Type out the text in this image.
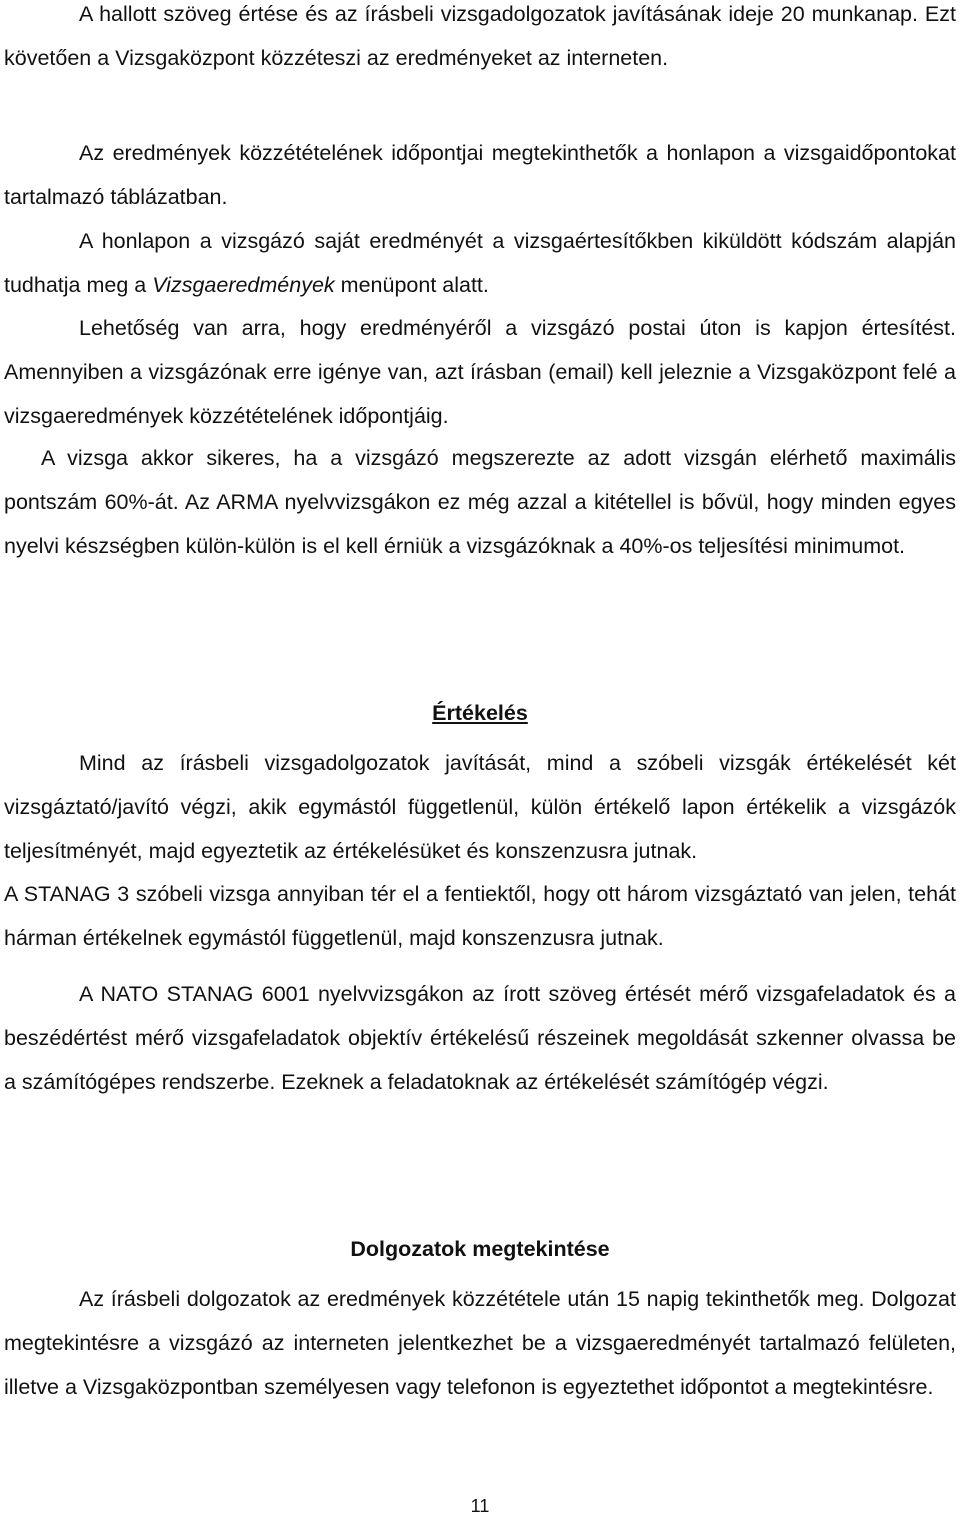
A hallott szöveg értése és az írásbeli vizsgadolgozatok javításának ideje 20 munkanap. Ezt követően a Vizsgaközpont közzéteszi az eredményeket az interneten.

Az eredmények közzétételének időpontjai megtekinthetők a honlapon a vizsgaidőpontokat tartalmazó táblázatban.

A honlapon a vizsgázó saját eredményét a vizsgaértesítőkben kiküldött kódszám alapján tudhatja meg a Vizsgaeredmények menüpont alatt.

Lehetőség van arra, hogy eredményéről a vizsgázó postai úton is kapjon értesítést. Amennyiben a vizsgázónak erre igénye van, azt írásban (email) kell jeleznie a Vizsgaközpont felé a vizsgaeredmények közzétételének időpontjáig.

A vizsga akkor sikeres, ha a vizsgázó megszerezte az adott vizsgán elérhető maximális pontszám 60%-át. Az ARMA nyelvvizsgákon ez még azzal a kitétellel is bővül, hogy minden egyes nyelvi készségben külön-külön is el kell érniük a vizsgázóknak a 40%-os teljesítési minimumot.

Értékelés

Mind az írásbeli vizsgadolgozatok javítását, mind a szóbeli vizsgák értékelését két vizsgáztató/javító végzi, akik egymástól függetlenül, külön értékelő lapon értékelik a vizsgázók teljesítményét, majd egyeztetik az értékelésüket és konszenzusra jutnak.

A STANAG 3 szóbeli vizsga annyiban tér el a fentiektől, hogy ott három vizsgáztató van jelen, tehát hárman értékelnek egymástól függetlenül, majd konszenzusra jutnak.

A NATO STANAG 6001 nyelvvizsgákon az írott szöveg értését mérő vizsgafeladatok és a beszédértést mérő vizsgafeladatok objektív értékelésű részeinek megoldását szkenner olvassa be a számítógépes rendszerbe. Ezeknek a feladatoknak az értékelését számítógép végzi.

Dolgozatok megtekintése

Az írásbeli dolgozatok az eredmények közzététele után 15 napig tekinthetők meg. Dolgozat megtekintésre a vizsgázó az interneten jelentkezhet be a vizsgaeredményét tartalmazó felületen, illetve a Vizsgaközpontban személyesen vagy telefonon is egyeztethet időpontot a megtekintésre.

11
